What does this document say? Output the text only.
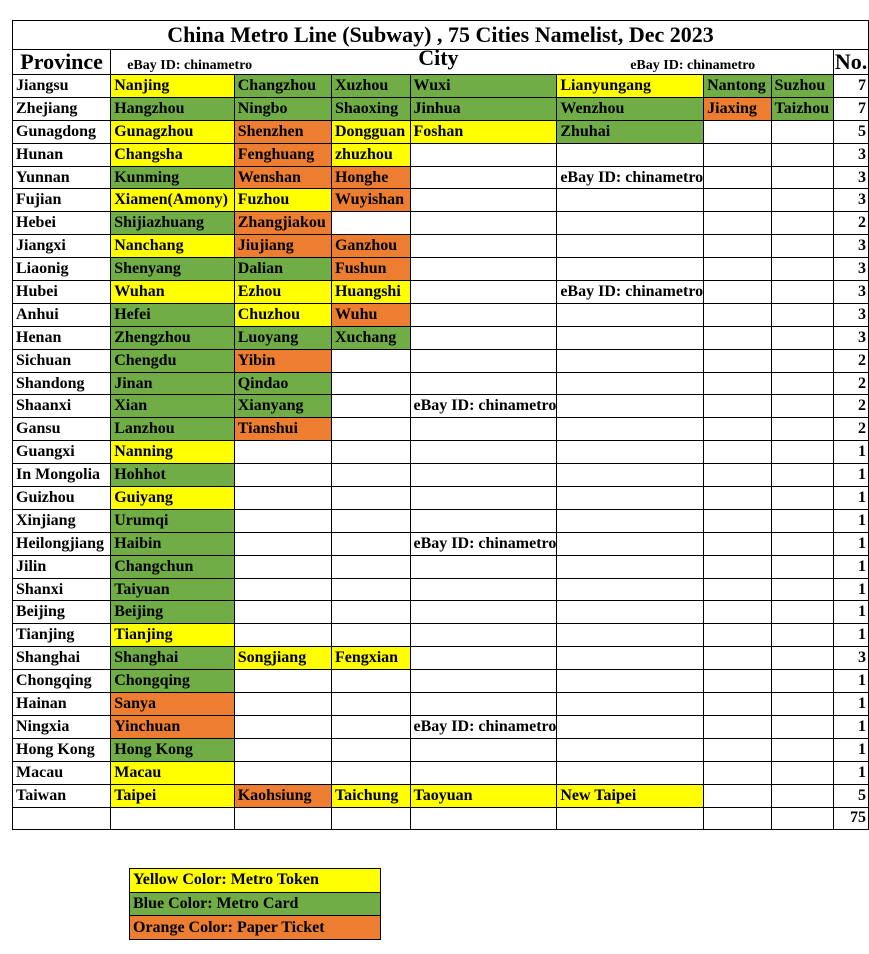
China Metro Line (Subway) , 75 Cities Namelist, Dec 2023								
Province	eBay ID: chinametro City eBay ID: chinametro							No.
Jiangsu	Nanjing	Changzhou	Xuzhou	Wuxi	Lianyungang	Nantong	Suzhou	7
Zhejiang	Hangzhou	Ningbo	Shaoxing	Jinhua	Wenzhou	Jiaxing	Taizhou	7
Gunagdong	Gunagzhou	Shenzhen	Dongguan	Foshan	Zhuhai			5
Hunan	Changsha	Fenghuang	zhuzhou					3
Yunnan	Kunming	Wenshan	Honghe		eBay ID: chinametro			3
Fujian	Xiamen(Amony)	Fuzhou	Wuyishan					3
Hebei	Shijiazhuang	Zhangjiakou						2
Jiangxi	Nanchang	Jiujiang	Ganzhou					3
Liaonig	Shenyang	Dalian	Fushun					3
Hubei	Wuhan	Ezhou	Huangshi		eBay ID: chinametro			3
Anhui	Hefei	Chuzhou	Wuhu					3
Henan	Zhengzhou	Luoyang	Xuchang					3
Sichuan	Chengdu	Yibin						2
Shandong	Jinan	Qindao						2
Shaanxi	Xian	Xianyang		eBay ID: chinametro				2
Gansu	Lanzhou	Tianshui						2
Guangxi	Nanning							1
In Mongolia	Hohhot							1
Guizhou	Guiyang							1
Xinjiang	Urumqi							1
Heilongjiang	Haibin			eBay ID: chinametro				1
Jilin	Changchun							1
Shanxi	Taiyuan							1
Beijing	Beijing							1
Tianjing	Tianjing							1
Shanghai	Shanghai	Songjiang	Fengxian					3
Chongqing	Chongqing							1
Hainan	Sanya							1
Ningxia	Yinchuan			eBay ID: chinametro				1
Hong Kong	Hong Kong							1
Macau	Macau							1
Taiwan	Taipei	Kaohsiung	Taichung	Taoyuan	New Taipei			5
								75
Yellow Color: Metro Token
Blue Color: Metro Card
Orange Color: Paper Ticket
